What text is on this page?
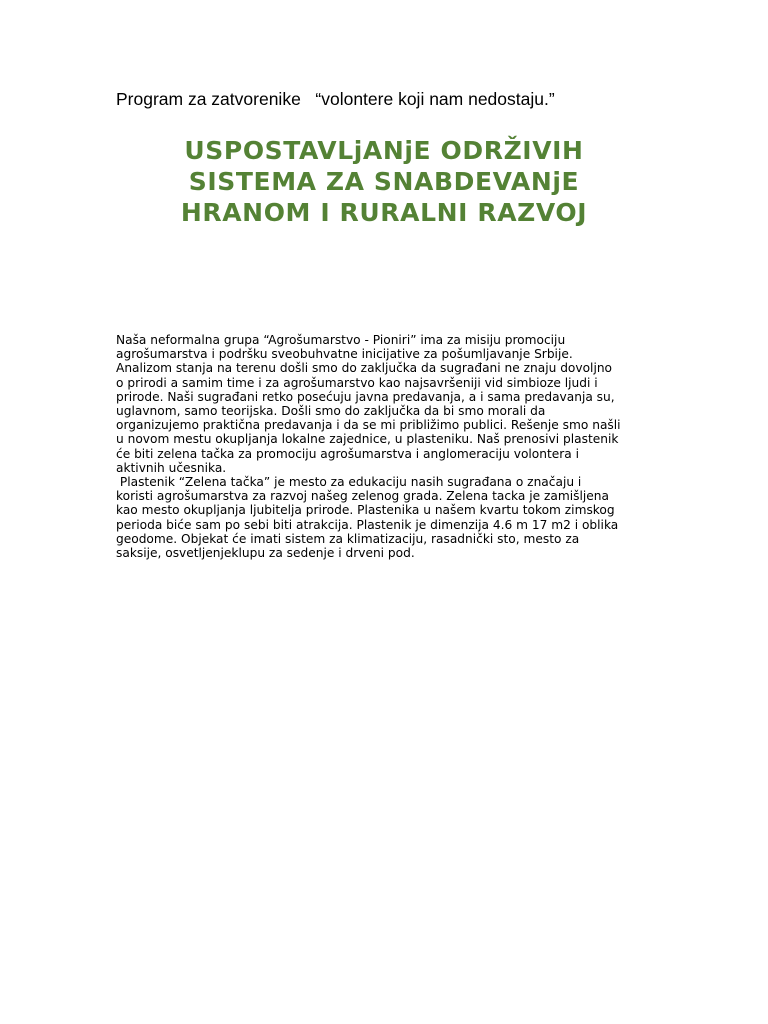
Program za zatvorenike   “volontere koji nam nedostaju.”
USPOSTAVLjANjE ODRŽIVIH
SISTEMA ZA SNABDEVANjE
HRANOM I RURALNI RAZVOJ
Naša neformalna grupa “Agrošumarstvo - Pioniri” ima za misiju promociju
agrošumarstva i podršku sveobuhvatne inicijative za pošumljavanje Srbije.
Analizom stanja na terenu došli smo do zaključka da sugrađani ne znaju dovoljno
o prirodi a samim time i za agrošumarstvo kao najsavršeniji vid simbioze ljudi i
prirode. Naši sugrađani retko posećuju javna predavanja, a i sama predavanja su,
uglavnom, samo teorijska. Došli smo do zaključka da bi smo morali da
organizujemo praktična predavanja i da se mi približimo publici. Rešenje smo našli
u novom mestu okupljanja lokalne zajednice, u plasteniku. Naš prenosivi plastenik
će biti zelena tačka za promociju agrošumarstva i anglomeraciju volontera i
aktivnih učesnika.
Plastenik “Zelena tačka” je mesto za edukaciju nasih sugrađana o značaju i
koristi agrošumarstva za razvoj našeg zelenog grada. Zelena tacka je zamišljena
kao mesto okupljanja ljubitelja prirode. Plastenika u našem kvartu tokom zimskog
perioda biće sam po sebi biti atrakcija. Plastenik je dimenzija 4.6 m 17 m2 i oblika
geodome. Objekat će imati sistem za klimatizaciju, rasadnički sto, mesto za
saksije, osvetljenjeklupu za sedenje i drveni pod.
